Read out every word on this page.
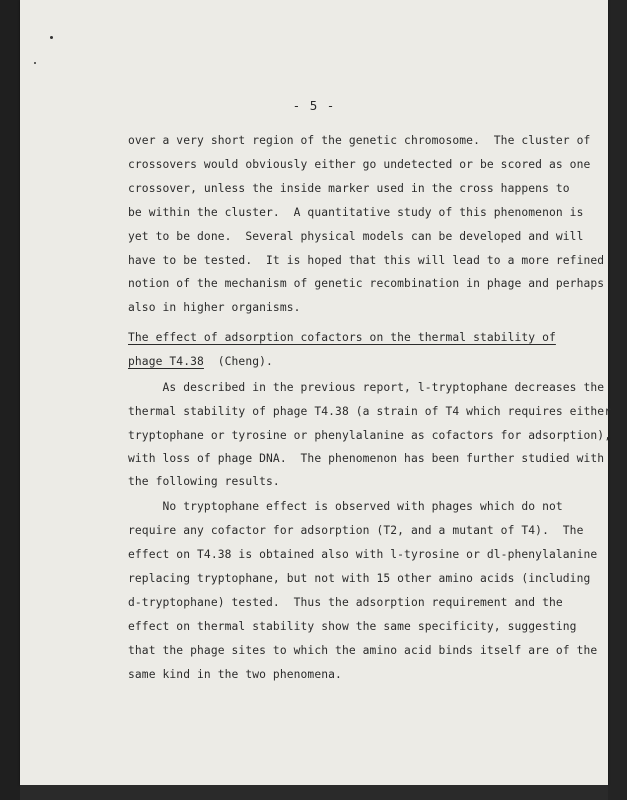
- 5 -
over a very short region of the genetic chromosome.  The cluster of
crossovers would obviously either go undetected or be scored as one
crossover, unless the inside marker used in the cross happens to
be within the cluster.  A quantitative study of this phenomenon is
yet to be done.  Several physical models can be developed and will
have to be tested.  It is hoped that this will lead to a more refined
notion of the mechanism of genetic recombination in phage and perhaps
also in higher organisms.
The effect of adsorption cofactors on the thermal stability of
phage T4.38  (Cheng).
As described in the previous report, l-tryptophane decreases the
thermal stability of phage T4.38 (a strain of T4 which requires either
tryptophane or tyrosine or phenylalanine as cofactors for adsorption),
with loss of phage DNA.  The phenomenon has been further studied with
the following results.
No tryptophane effect is observed with phages which do not
require any cofactor for adsorption (T2, and a mutant of T4).  The
effect on T4.38 is obtained also with l-tyrosine or dl-phenylalanine
replacing tryptophane, but not with 15 other amino acids (including
d-tryptophane) tested.  Thus the adsorption requirement and the
effect on thermal stability show the same specificity, suggesting
that the phage sites to which the amino acid binds itself are of the
same kind in the two phenomena.
